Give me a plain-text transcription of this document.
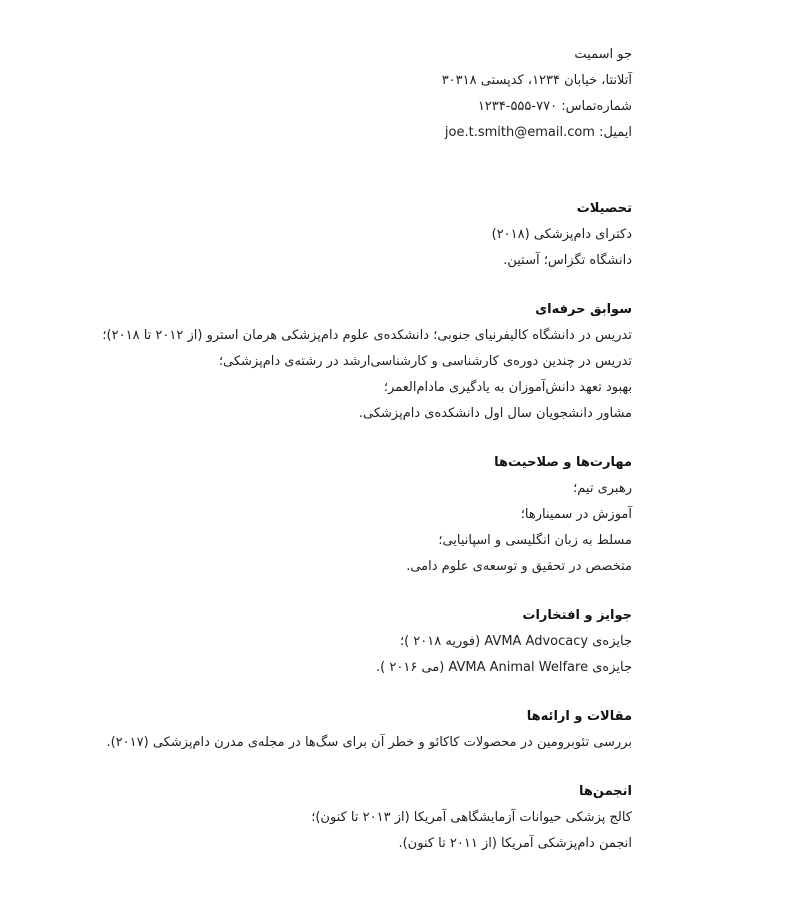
جو اسمیت
آتلانتا، خیابان ۱۲۳۴، کدپستی ۳۰۳۱۸
شماره‌تماس: ۷۷۰-۵۵۵-۱۲۳۴
ایمیل: joe.t.smith@email.com
تحصیلات
دکترای دام‌پزشکی (۲۰۱۸)
دانشگاه تگزاس؛ آستین.
سوابق حرفه‌ای
تدریس در دانشگاه کالیفرنیای جنوبی؛ دانشکده‌ی علوم دام‌پزشکی هرمان استرو (از ۲۰۱۲ تا ۲۰۱۸)؛
تدریس در چندین دوره‌ی کارشناسی و کارشناسی‌ارشد در رشته‌ی دام‌پزشکی؛
بهبود تعهد دانش‌آموزان به یادگیری مادام‌العمر؛
مشاور دانشجویان سال اول دانشکده‌ی دام‌پزشکی.
مهارت‌ها و صلاحیت‌ها
رهبری تیم؛
آموزش در سمینارها؛
مسلط به زبان انگلیسی و اسپانیایی؛
متخصص در تحقیق و توسعه‌ی علوم دامی.
جوایز و افتخارات
جایزه‌ی AVMA Advocacy (فوریه ۲۰۱۸ )؛
جایزه‌ی AVMA Animal Welfare (می ۲۰۱۶ ).
مقالات و ارائه‌ها
بررسی تئوبرومین در محصولات کاکائو و خطر آن برای سگ‌ها در مجله‌ی مدرن دام‌پزشکی (۲۰۱۷).
انجمن‌ها
کالج پزشکی حیوانات آزمایشگاهی آمریکا (از ۲۰۱۳ تا کنون)؛
انجمن دام‌پزشکی آمریکا (از ۲۰۱۱ تا کنون).
